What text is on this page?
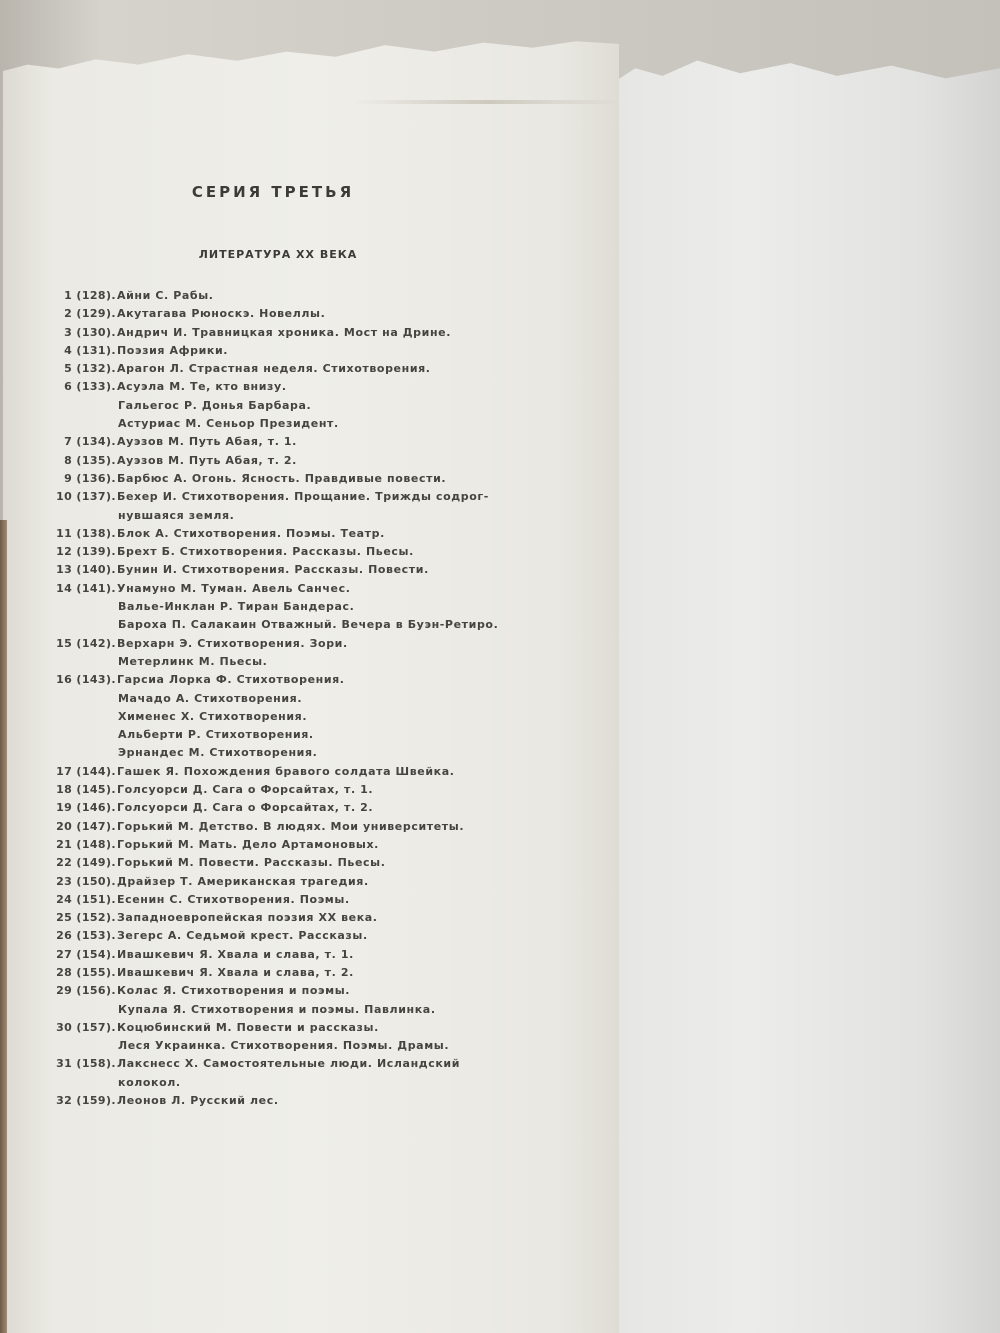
СЕРИЯ ТРЕТЬЯ
ЛИТЕРАТУРА XX ВЕКА
1 (128). Айни С. Рабы.
2 (129). Акутагава Рюноскэ. Новеллы.
3 (130). Андрич И. Травницкая хроника. Мост на Дрине.
4 (131). Поэзия Африки.
5 (132). Арагон Л. Страстная неделя. Стихотворения.
6 (133). Асуэла М. Те, кто внизу.
Гальегос Р. Донья Барбара.
Астуриас М. Сеньор Президент.
7 (134). Ауэзов М. Путь Абая, т. 1.
8 (135). Ауэзов М. Путь Абая, т. 2.
9 (136). Барбюс А. Огонь. Ясность. Правдивые повести.
10 (137). Бехер И. Стихотворения. Прощание. Трижды содрог-
нувшаяся земля.
11 (138). Блок А. Стихотворения. Поэмы. Театр.
12 (139). Брехт Б. Стихотворения. Рассказы. Пьесы.
13 (140). Бунин И. Стихотворения. Рассказы. Повести.
14 (141). Унамуно М. Туман. Авель Санчес.
Валье-Инклан Р. Тиран Бандерас.
Бароха П. Салакаин Отважный. Вечера в Буэн-Ретиро.
15 (142). Верхарн Э. Стихотворения. Зори.
Метерлинк М. Пьесы.
16 (143). Гарсиа Лорка Ф. Стихотворения.
Мачадо А. Стихотворения.
Хименес Х. Стихотворения.
Альберти Р. Стихотворения.
Эрнандес М. Стихотворения.
17 (144). Гашек Я. Похождения бравого солдата Швейка.
18 (145). Голсуорси Д. Сага о Форсайтах, т. 1.
19 (146). Голсуорси Д. Сага о Форсайтах, т. 2.
20 (147). Горький М. Детство. В людях. Мои университеты.
21 (148). Горький М. Мать. Дело Артамоновых.
22 (149). Горький М. Повести. Рассказы. Пьесы.
23 (150). Драйзер Т. Американская трагедия.
24 (151). Есенин С. Стихотворения. Поэмы.
25 (152). Западноевропейская поэзия XX века.
26 (153). Зегерс А. Седьмой крест. Рассказы.
27 (154). Ивашкевич Я. Хвала и слава, т. 1.
28 (155). Ивашкевич Я. Хвала и слава, т. 2.
29 (156). Колас Я. Стихотворения и поэмы.
Купала Я. Стихотворения и поэмы. Павлинка.
30 (157). Коцюбинский М. Повести и рассказы.
Леся Украинка. Стихотворения. Поэмы. Драмы.
31 (158). Лакснесс Х. Самостоятельные люди. Исландский
колокол.
32 (159). Леонов Л. Русский лес.
